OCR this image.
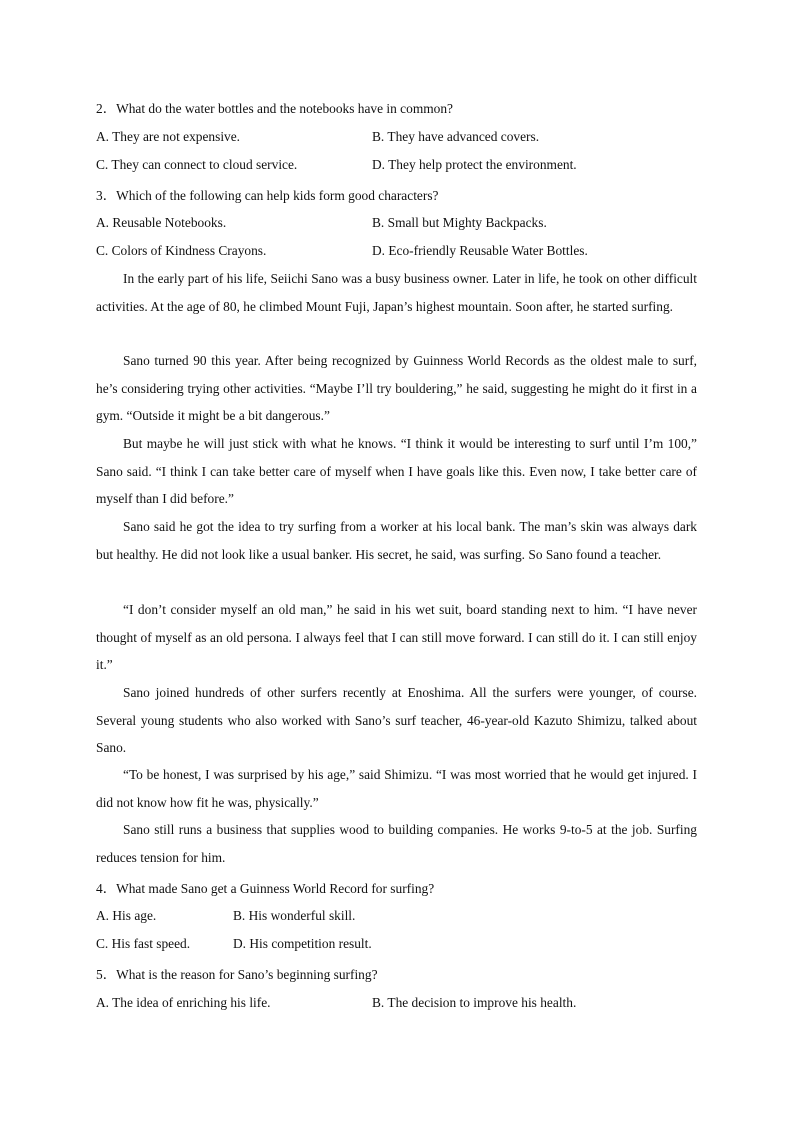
2．What do the water bottles and the notebooks have in common?
A. They are not expensive.	B. They have advanced covers.
C. They can connect to cloud service.	D. They help protect the environment.
3．Which of the following can help kids form good characters?
A. Reusable Notebooks.	B. Small but Mighty Backpacks.
C. Colors of Kindness Crayons.	D. Eco-friendly Reusable Water Bottles.

In the early part of his life, Seiichi Sano was a busy business owner. Later in life, he took on other difficult activities. At the age of 80, he climbed Mount Fuji, Japan’s highest mountain. Soon after, he started surfing.

Sano turned 90 this year. After being recognized by Guinness World Records as the oldest male to surf, he’s considering trying other activities. “Maybe I’ll try bouldering,” he said, suggesting he might do it first in a gym. “Outside it might be a bit dangerous.”

But maybe he will just stick with what he knows. “I think it would be interesting to surf until I’m 100,” Sano said. “I think I can take better care of myself when I have goals like this. Even now, I take better care of myself than I did before.”

Sano said he got the idea to try surfing from a worker at his local bank. The man’s skin was always dark but healthy. He did not look like a usual banker. His secret, he said, was surfing. So Sano found a teacher.

“I don’t consider myself an old man,” he said in his wet suit, board standing next to him. “I have never thought of myself as an old persona. I always feel that I can still move forward. I can still do it. I can still enjoy it.”

Sano joined hundreds of other surfers recently at Enoshima. All the surfers were younger, of course. Several young students who also worked with Sano’s surf teacher, 46-year-old Kazuto Shimizu, talked about Sano.

“To be honest, I was surprised by his age,” said Shimizu. “I was most worried that he would get injured. I did not know how fit he was, physically.”

Sano still runs a business that supplies wood to building companies. He works 9-to-5 at the job. Surfing reduces tension for him.

4．What made Sano get a Guinness World Record for surfing?
A. His age.	B. His wonderful skill.
C. His fast speed.	D. His competition result.
5．What is the reason for Sano’s beginning surfing?
A. The idea of enriching his life.	B. The decision to improve his health.
